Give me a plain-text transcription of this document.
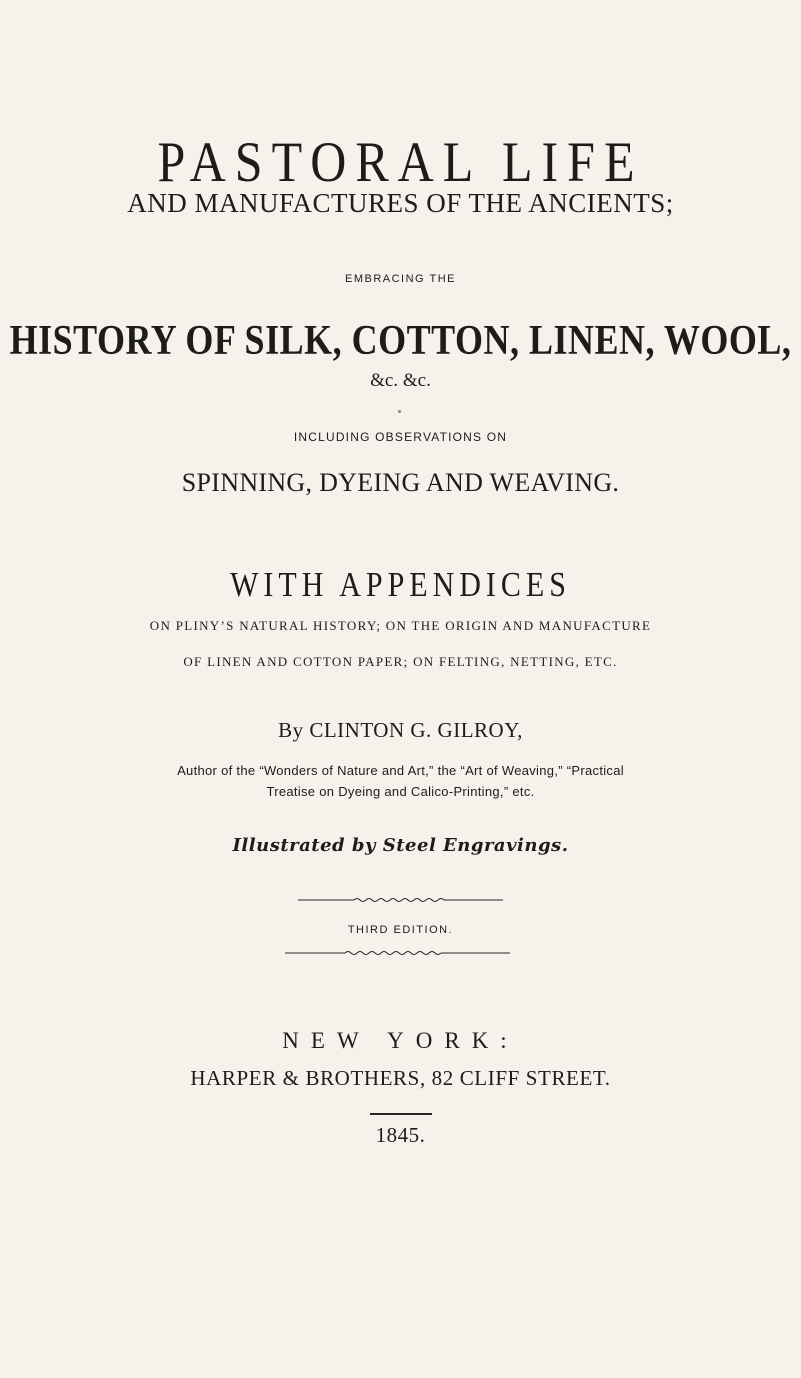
PASTORAL LIFE
AND MANUFACTURES OF THE ANCIENTS;
EMBRACING THE
HISTORY OF SILK, COTTON, LINEN, WOOL,
&c. &c.
INCLUDING OBSERVATIONS ON
SPINNING, DYEING AND WEAVING.
WITH APPENDICES
ON PLINY’S NATURAL HISTORY; ON THE ORIGIN AND MANUFACTURE
OF LINEN AND COTTON PAPER; ON FELTING, NETTING, ETC.
By CLINTON G. GILROY,
Author of the “Wonders of Nature and Art,” the “Art of Weaving,” “Practical
Treatise on Dyeing and Calico-Printing,” etc.
Illustrated by Steel Engravings.
THIRD EDITION.
NEW YORK:
HARPER & BROTHERS, 82 CLIFF STREET.
1845.
